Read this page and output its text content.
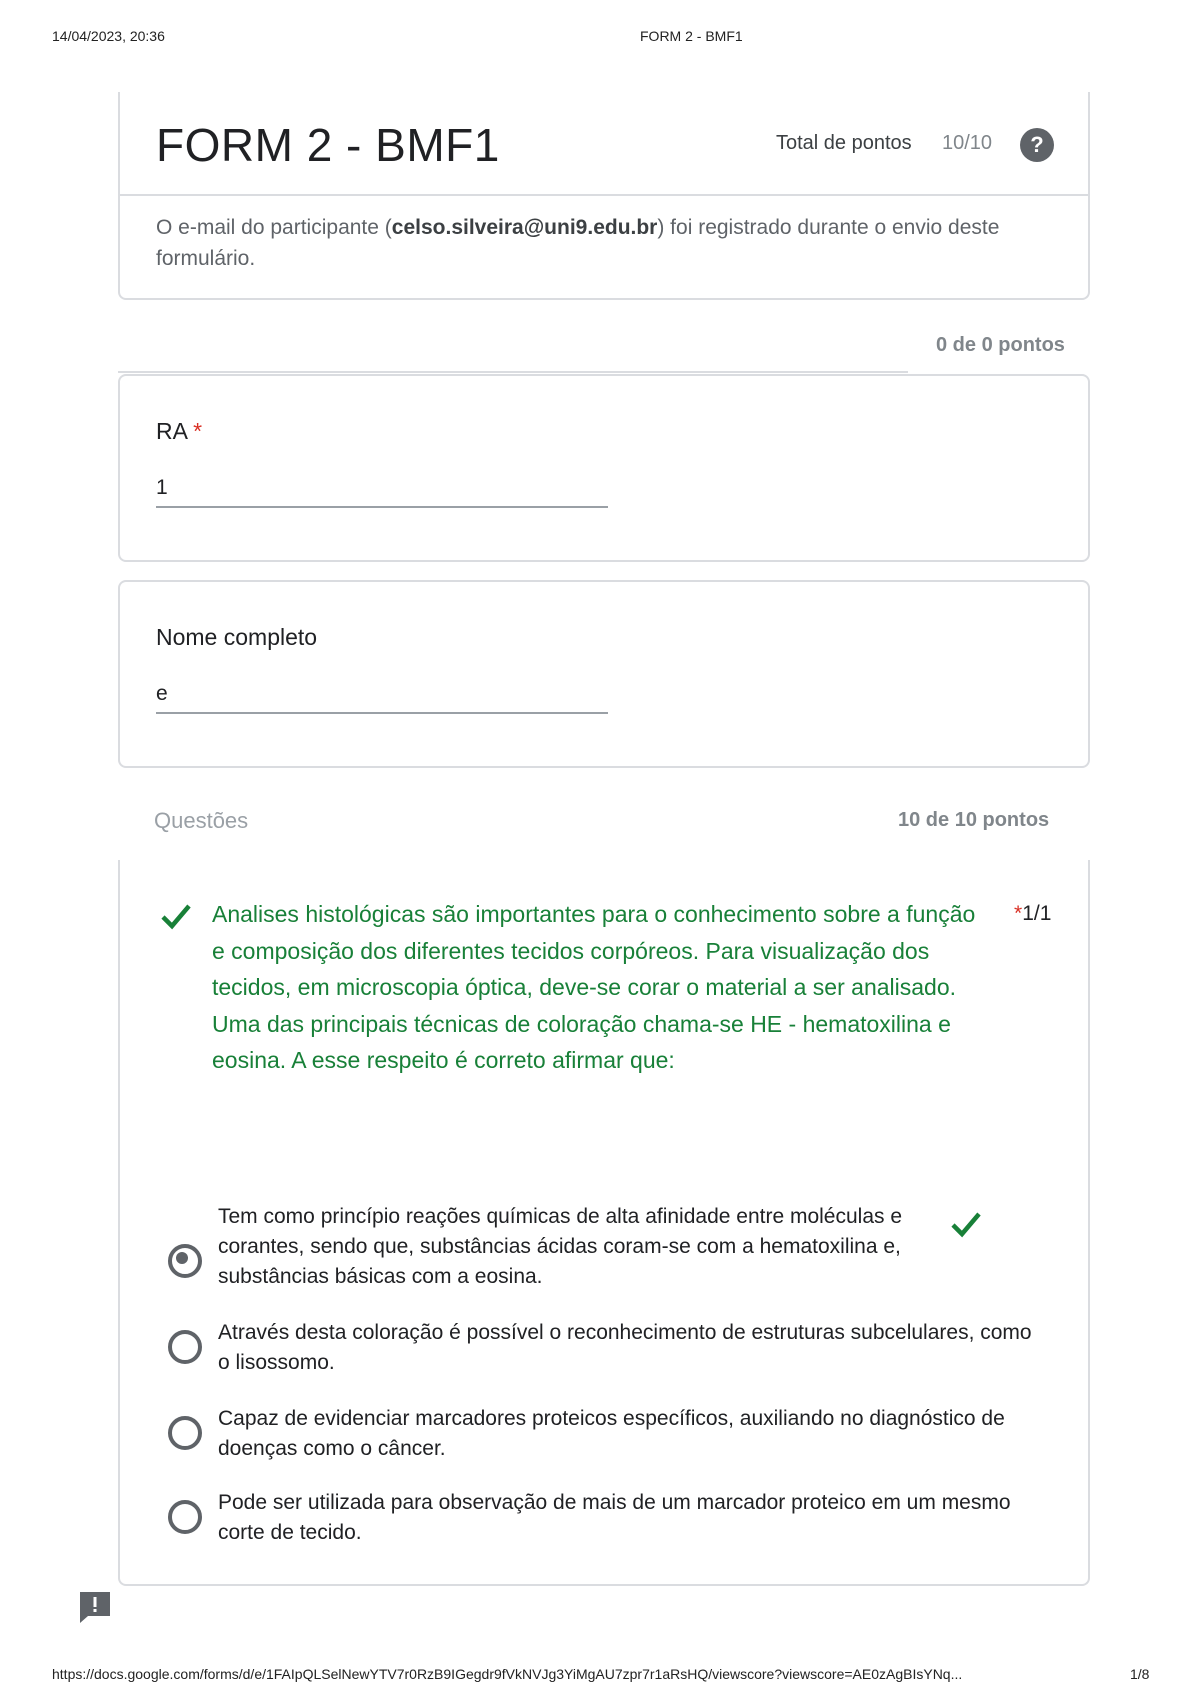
14/04/2023, 20:36	FORM 2 - BMF1
FORM 2 - BMF1	Total de pontos 10/10	?
O e-mail do participante (celso.silveira@uni9.edu.br) foi registrado durante o envio deste formulário.
0 de 0 pontos
RA *
1
Nome completo
e
Questões	10 de 10 pontos
Analises histológicas são importantes para o conhecimento sobre a função e composição dos diferentes tecidos corpóreos. Para visualização dos tecidos, em microscopia óptica, deve-se corar o material a ser analisado. Uma das principais técnicas de coloração chama-se HE - hematoxilina e eosina. A esse respeito é correto afirmar que:
*1/1
Tem como princípio reações químicas de alta afinidade entre moléculas e corantes, sendo que, substâncias ácidas coram-se com a hematoxilina e, substâncias básicas com a eosina.
Através desta coloração é possível o reconhecimento de estruturas subcelulares, como o lisossomo.
Capaz de evidenciar marcadores proteicos específicos, auxiliando no diagnóstico de doenças como o câncer.
Pode ser utilizada para observação de mais de um marcador proteico em um mesmo corte de tecido.
https://docs.google.com/forms/d/e/1FAIpQLSelNewYTV7r0RzB9IGegdr9fVkNVJg3YiMgAU7zpr7r1aRsHQ/viewscore?viewscore=AE0zAgBIsYNq...	1/8
